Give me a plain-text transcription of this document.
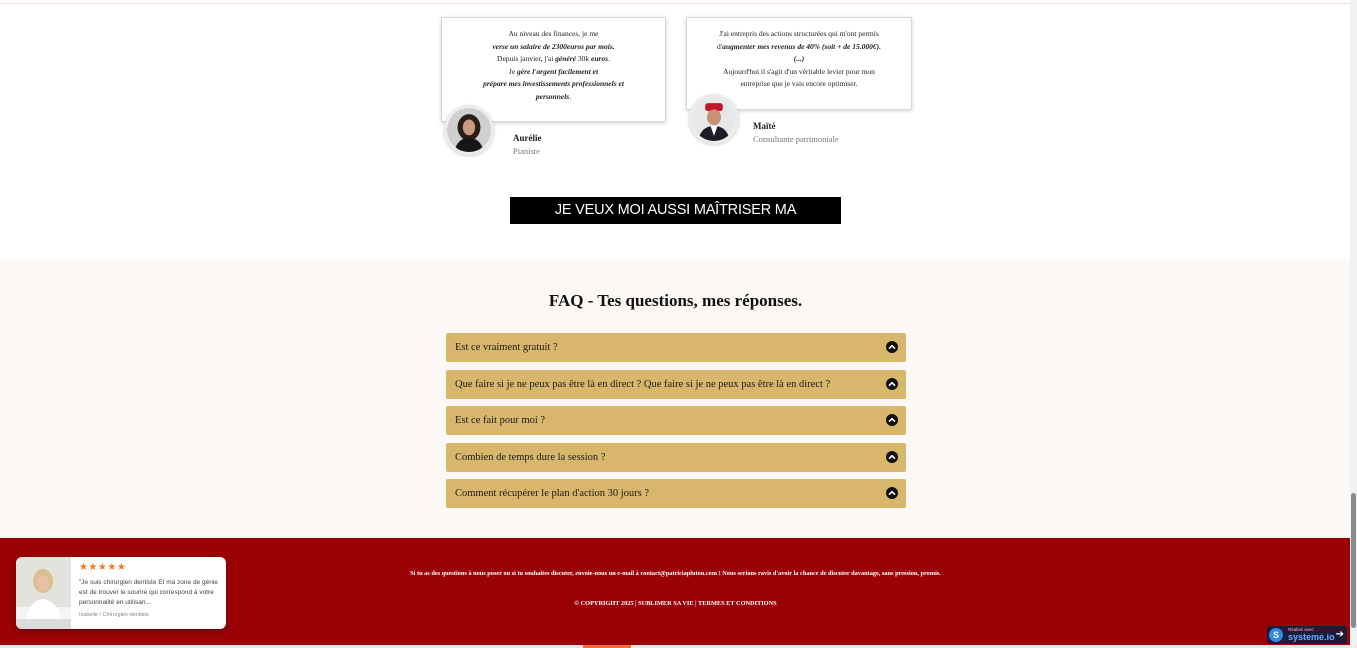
Au niveau des finances, je me
verse un salaire de 2300euros par mois.
Depuis janvier, j'ai généré 30k euros.
Je gère l'argent facilement et
prépare mes investissements professionnels et
personnels.
Aurélie
Pianiste
J'ai entrepris des actions structurées qui m'ont permis
d'augmenter mes revenus de 40% (soit + de 15.000€).
(...)
Aujourd'hui il s'agit d'un véritable levier pour mon
entreprise que je vais encore optimiser.
Maïté
Consultante patrimoniale
JE VEUX MOI AUSSI MAÎTRISER MA TRÉSORERIE
FAQ - Tes questions, mes réponses.
Est ce vraiment gratuit ?
Que faire si je ne peux pas être là en direct ? Que faire si je ne peux pas être là en direct ?
Est ce fait pour moi ?
Combien de temps dure la session ?
Comment récupérer le plan d'action 30 jours ?
Si tu as des questions à nous poser ou si tu souhaites discuter, envoie-nous un e-mail à contact@patriciapluton.com ! Nous serions ravis d'avoir la chance de discuter davantage, sans pression, promis.
© COPYRIGHT 2025 | SUBLIMER SA VIE | TERMES ET CONDITIONS
★★★★★
"Je suis chirurgien dentiste Et ma zone de génie est de trouver le sourire qui correspond à votre personnalité en utilisan...
Isabelle / Chirurgien-dentiste
S
Réalisé avec
systeme.io ➔
